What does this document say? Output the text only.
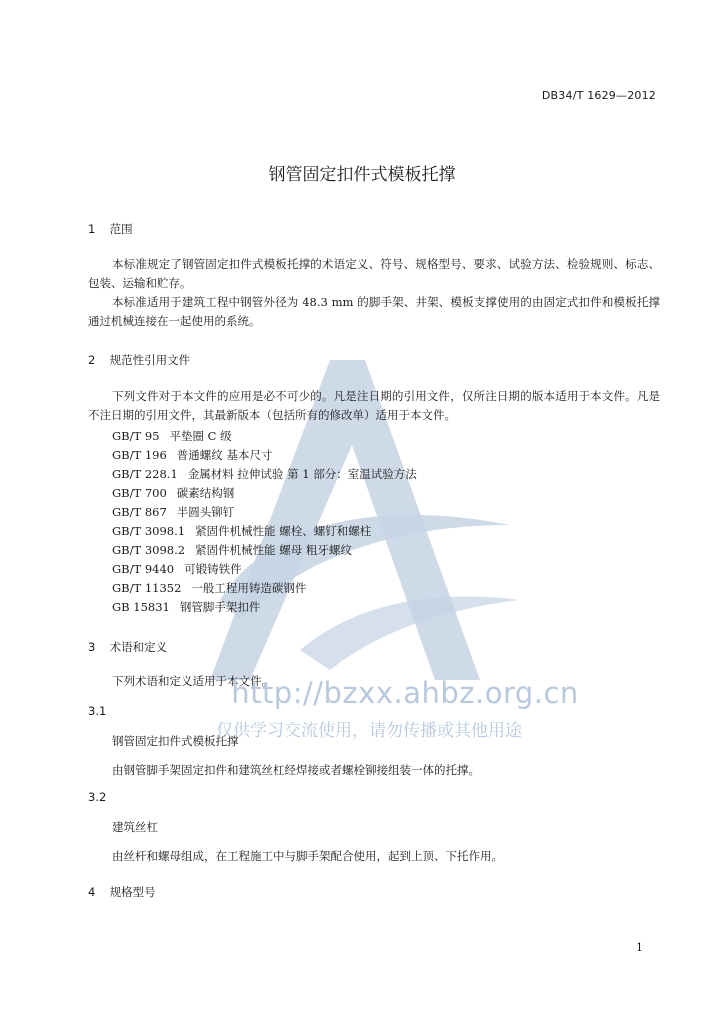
DB34/T 1629—2012
钢管固定扣件式模板托撑
1 范围

本标准规定了钢管固定扣件式模板托撑的术语定义、符号、规格型号、要求、试验方法、检验规则、标志、包装、运输和贮存。

本标准适用于建筑工程中钢管外径为 48.3 mm 的脚手架、井架、模板支撑使用的由固定式扣件和模板托撑通过机械连接在一起使用的系统。

2 规范性引用文件

下列文件对于本文件的应用是必不可少的。凡是注日期的引用文件，仅所注日期的版本适用于本文件。凡是不注日期的引用文件，其最新版本（包括所有的修改单）适用于本文件。

GB/T 95 平垫圈 C 级
GB/T 196 普通螺纹 基本尺寸
GB/T 228.1 金属材料 拉伸试验 第 1 部分：室温试验方法
GB/T 700 碳素结构钢
GB/T 867 半圆头铆钉
GB/T 3098.1 紧固件机械性能 螺栓、螺钉和螺柱
GB/T 3098.2 紧固件机械性能 螺母 粗牙螺纹
GB/T 9440 可锻铸铁件
GB/T 11352 一般工程用铸造碳钢件
GB 15831 钢管脚手架扣件
3 术语和定义

下列术语和定义适用于本文件。

3.1
钢管固定扣件式模板托撑
由钢管脚手架固定扣件和建筑丝杠经焊接或者螺栓铆接组装一体的托撑。
3.2
建筑丝杠
由丝杆和螺母组成，在工程施工中与脚手架配合使用，起到上顶、下托作用。
4 规格型号
1
http://bzxx.ahbz.org.cn
仅供学习交流使用，请勿传播或其他用途
